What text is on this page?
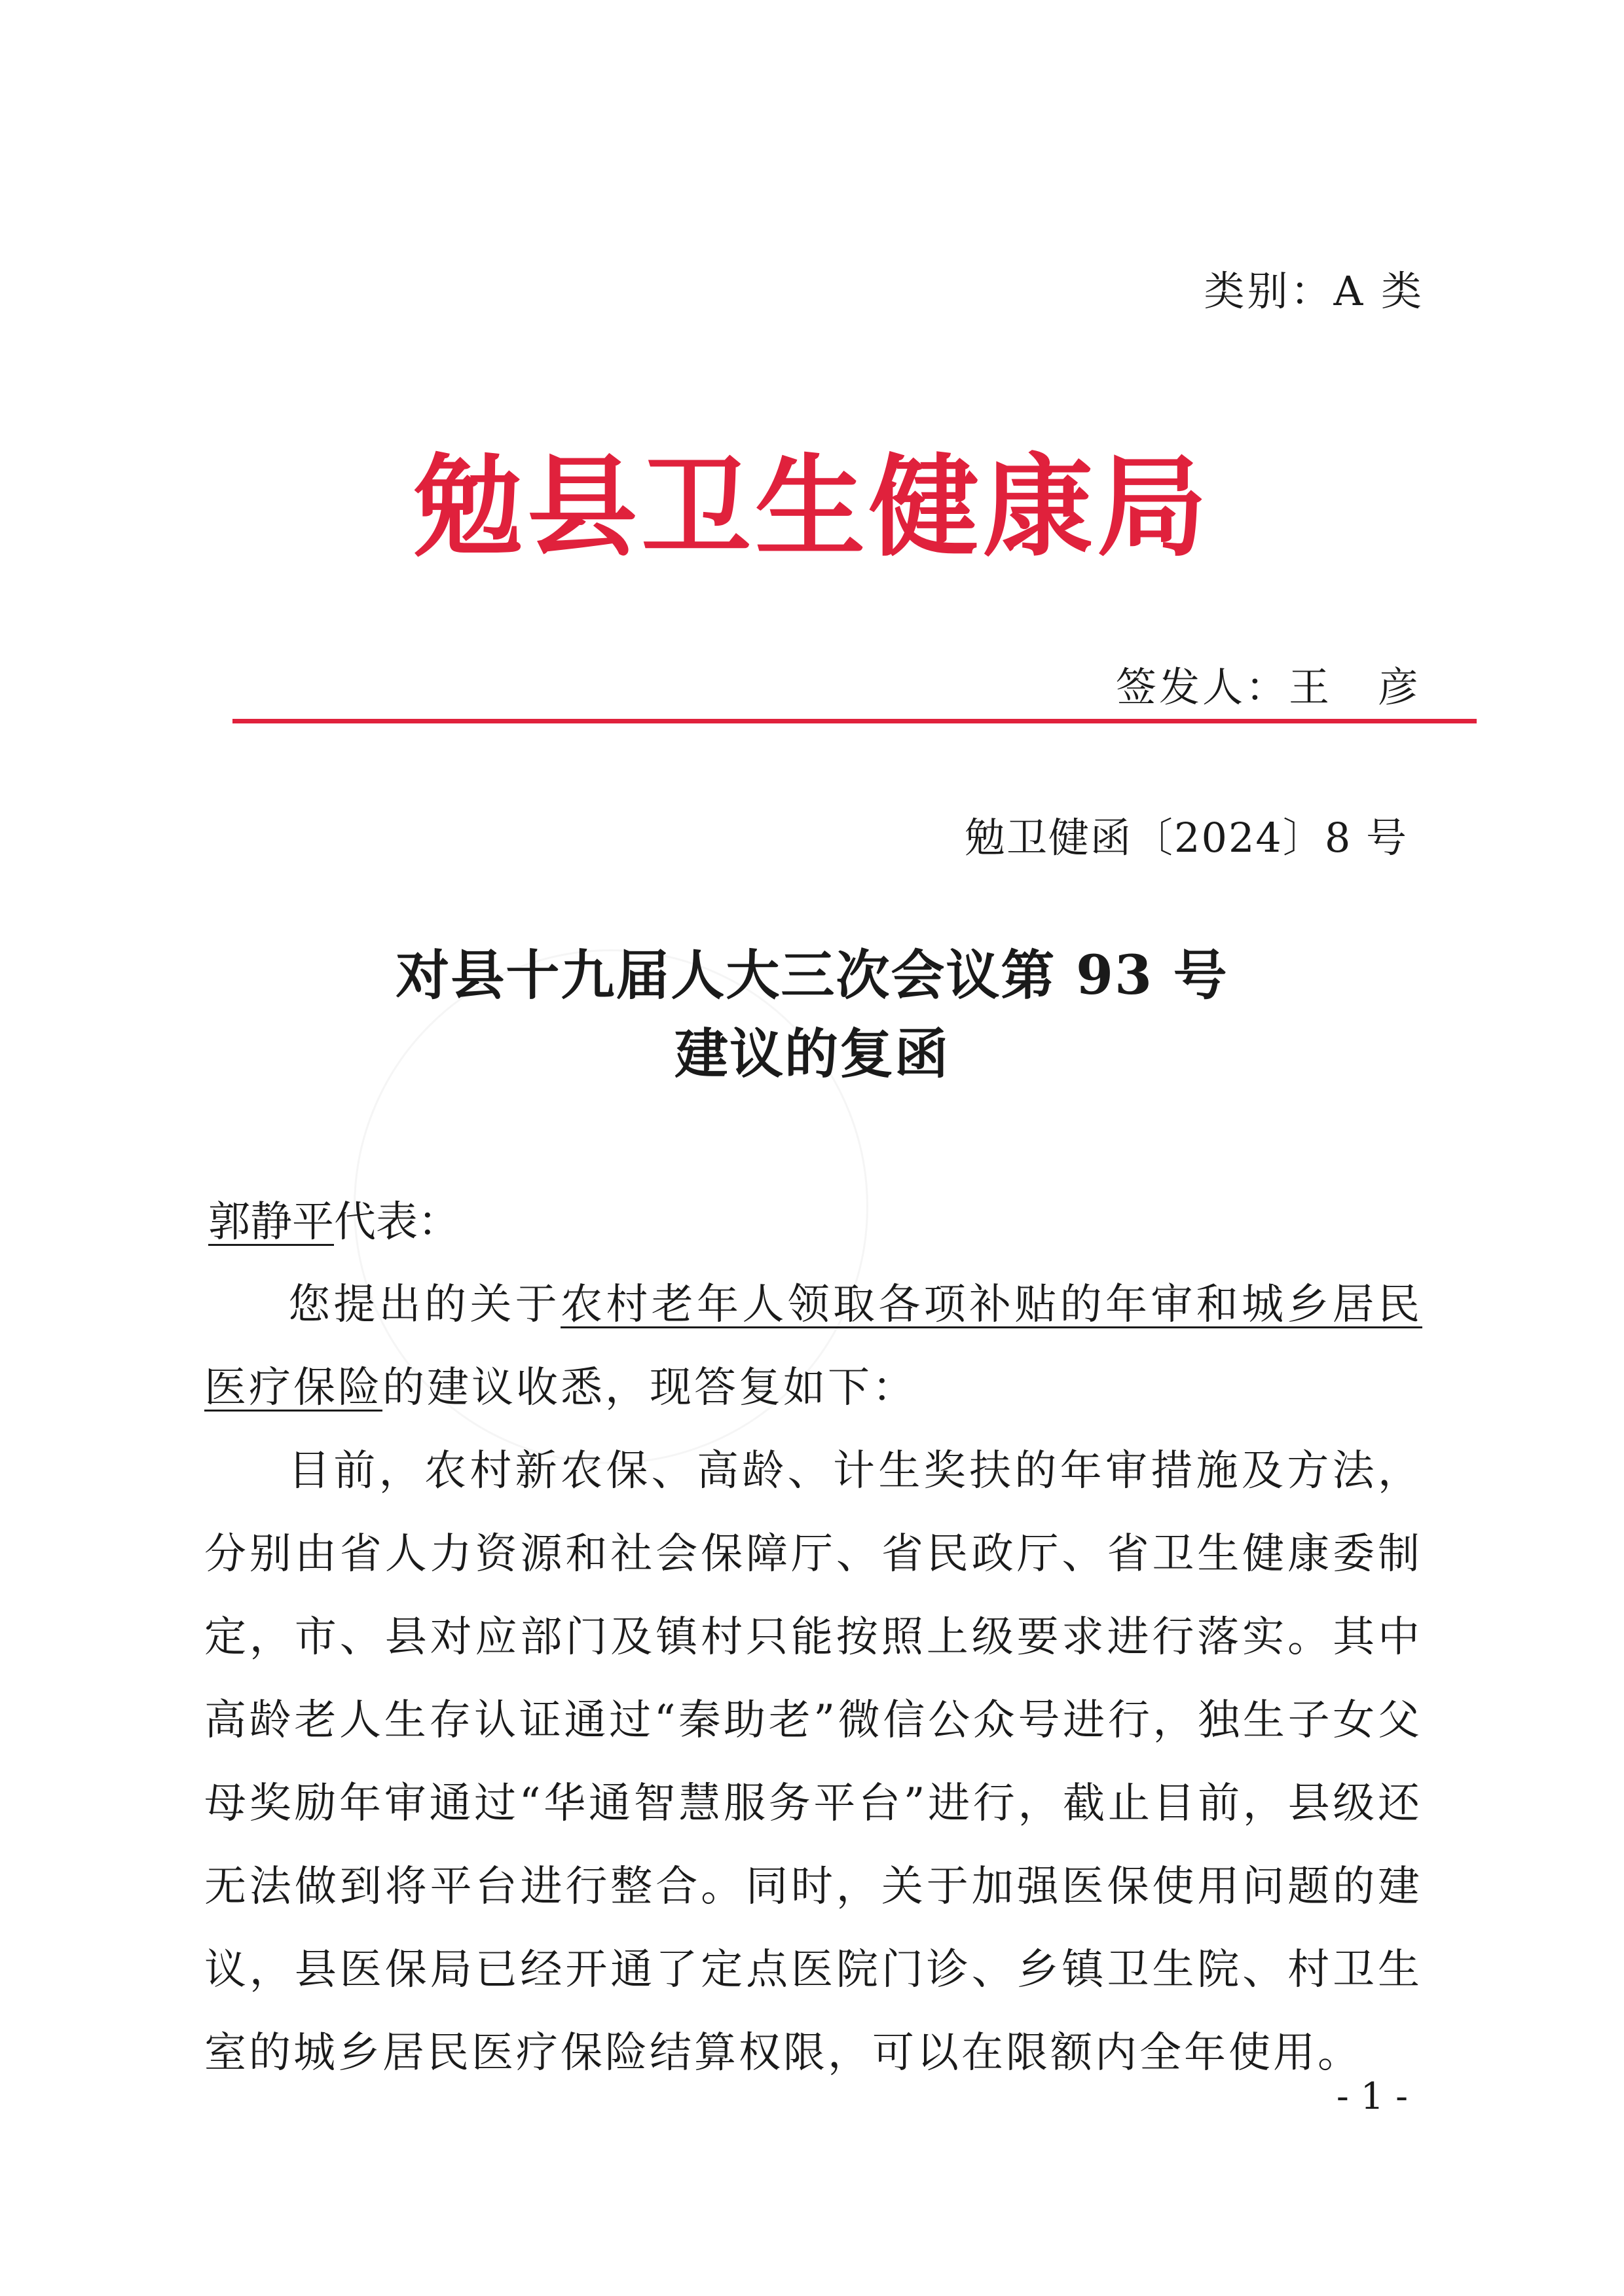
类别：A 类
勉县卫生健康局
签发人：王 彦
勉卫健函〔2024〕8 号
对县十九届人大三次会议第 93 号
建议的复函
郭静平代表：

您提出的关于农村老年人领取各项补贴的年审和城乡居民医疗保险的建议收悉，现答复如下：

目前，农村新农保、高龄、计生奖扶的年审措施及方法，分别由省人力资源和社会保障厅、省民政厅、省卫生健康委制定，市、县对应部门及镇村只能按照上级要求进行落实。其中高龄老人生存认证通过“秦助老”微信公众号进行，独生子女父母奖励年审通过“华通智慧服务平台”进行，截止目前，县级还无法做到将平台进行整合。同时，关于加强医保使用问题的建议，县医保局已经开通了定点医院门诊、乡镇卫生院、村卫生室的城乡居民医疗保险结算权限，可以在限额内全年使用。

- 1 -
